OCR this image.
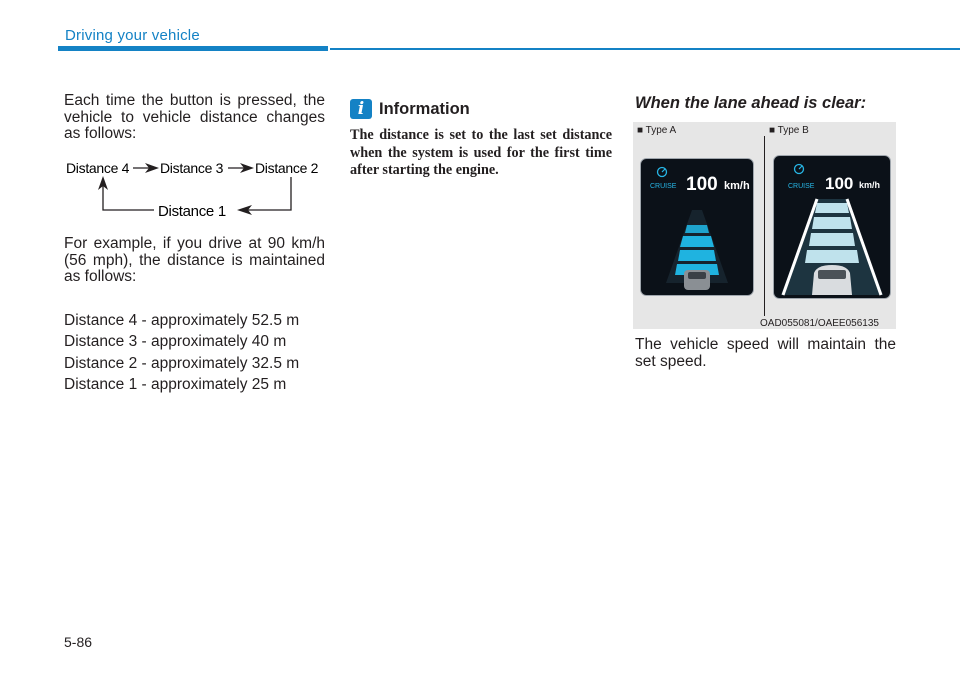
Driving your vehicle
Each time the button is pressed, the vehicle to vehicle distance changes as follows:
Distance 4 Distance 3 Distance 2
Distance 1
For example, if you drive at 90 km/h (56 mph), the distance is maintained as follows:
Distance 4 - approximately 52.5 m
Distance 3 - approximately 40 m
Distance 2 - approximately 32.5 m
Distance 1 - approximately 25 m
i Information
The distance is set to the last set distance when the system is used for the first time after starting the engine.
When the lane ahead is clear:
■ Type A	■ Type B
CRUISE 100 km/h	CRUISE 100 km/h
OAD055081/OAEE056135
The vehicle speed will maintain the set speed.
5-86
